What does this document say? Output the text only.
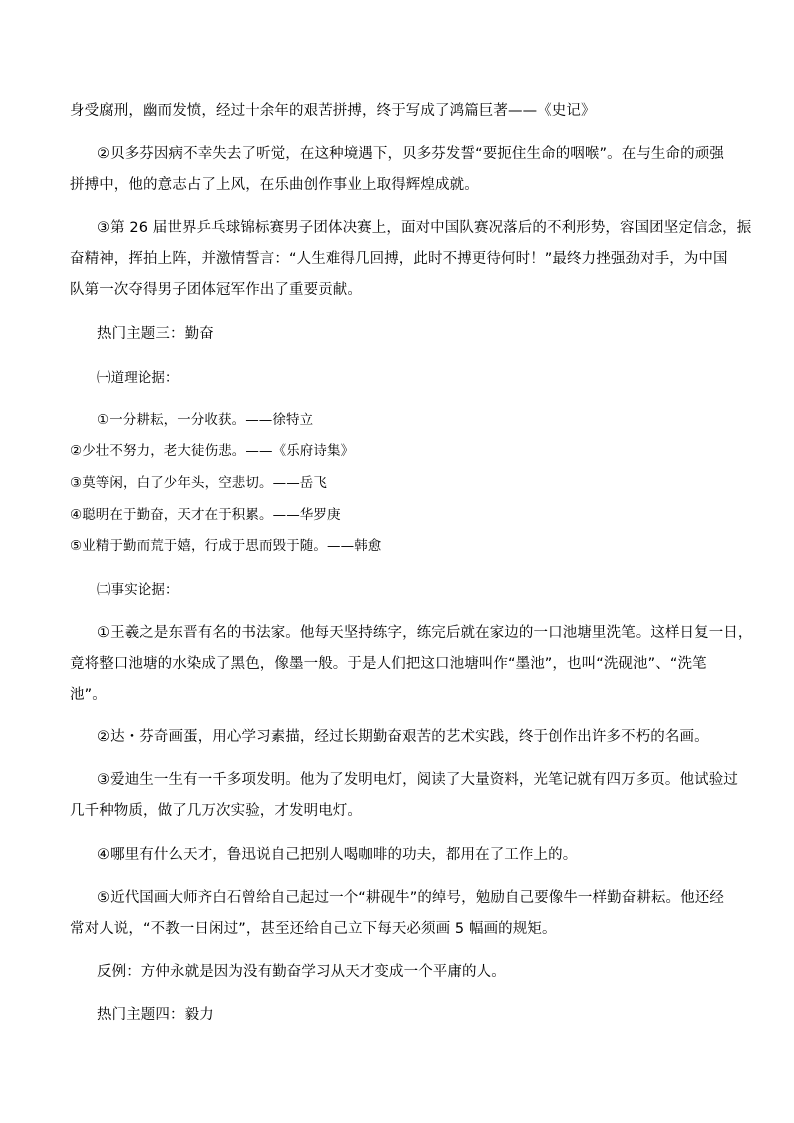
身受腐刑，幽而发愤，经过十余年的艰苦拼搏，终于写成了鸿篇巨著——《史记》
②贝多芬因病不幸失去了听觉，在这种境遇下，贝多芬发誓“要扼住生命的咽喉”。在与生命的顽强
拼搏中，他的意志占了上风，在乐曲创作事业上取得辉煌成就。
③第 26 届世界乒乓球锦标赛男子团体决赛上，面对中国队赛况落后的不利形势，容国团坚定信念，振
奋精神，挥拍上阵，并激情誓言：“人生难得几回搏，此时不搏更待何时！”最终力挫强劲对手，为中国
队第一次夺得男子团体冠军作出了重要贡献。
热门主题三：勤奋
㈠道理论据：
①一分耕耘，一分收获。——徐特立
②少壮不努力，老大徒伤悲。——《乐府诗集》
③莫等闲，白了少年头，空悲切。——岳飞
④聪明在于勤奋，天才在于积累。——华罗庚
⑤业精于勤而荒于嬉，行成于思而毁于随。——韩愈
㈡事实论据：
①王羲之是东晋有名的书法家。他每天坚持练字，练完后就在家边的一口池塘里洗笔。这样日复一日，
竟将整口池塘的水染成了黑色，像墨一般。于是人们把这口池塘叫作“墨池”，也叫“洗砚池”、“洗笔
池”。
②达・芬奇画蛋，用心学习素描，经过长期勤奋艰苦的艺术实践，终于创作出许多不朽的名画。
③爱迪生一生有一千多项发明。他为了发明电灯，阅读了大量资料，光笔记就有四万多页。他试验过
几千种物质，做了几万次实验，才发明电灯。
④哪里有什么天才，鲁迅说自己把别人喝咖啡的功夫，都用在了工作上的。
⑤近代国画大师齐白石曾给自己起过一个“耕砚牛”的绰号，勉励自己要像牛一样勤奋耕耘。他还经
常对人说，“不教一日闲过”，甚至还给自己立下每天必须画 5 幅画的规矩。
反例：方仲永就是因为没有勤奋学习从天才变成一个平庸的人。
热门主题四：毅力
